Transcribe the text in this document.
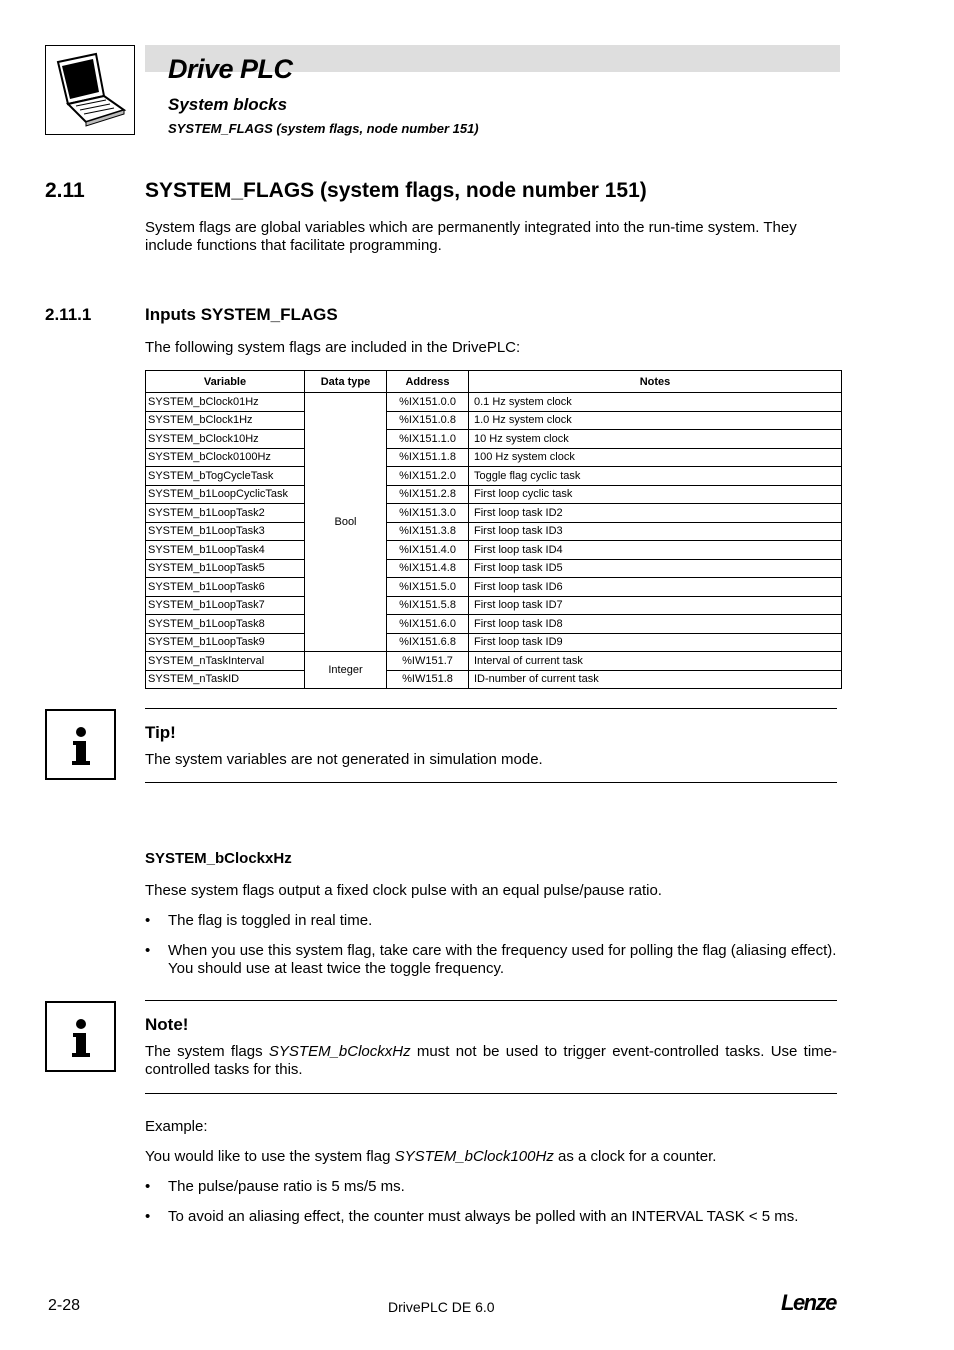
Drive PLC
System blocks
SYSTEM_FLAGS (system flags, node number 151)
2.11	SYSTEM_FLAGS (system flags, node number 151)
System flags are global variables which are permanently integrated into the run-time system. They include functions that facilitate programming.
2.11.1	Inputs SYSTEM_FLAGS
The following system flags are included in the DrivePLC:
Variable	Data type	Address	Notes
SYSTEM_bClock01Hz	Bool	%IX151.0.0	0.1 Hz system clock
SYSTEM_bClock1Hz		%IX151.0.8	1.0 Hz system clock
SYSTEM_bClock10Hz		%IX151.1.0	10 Hz system clock
SYSTEM_bClock0100Hz		%IX151.1.8	100 Hz system clock
SYSTEM_bTogCycleTask		%IX151.2.0	Toggle flag cyclic task
SYSTEM_b1LoopCyclicTask		%IX151.2.8	First loop cyclic task
SYSTEM_b1LoopTask2		%IX151.3.0	First loop task ID2
SYSTEM_b1LoopTask3		%IX151.3.8	First loop task ID3
SYSTEM_b1LoopTask4		%IX151.4.0	First loop task ID4
SYSTEM_b1LoopTask5		%IX151.4.8	First loop task ID5
SYSTEM_b1LoopTask6		%IX151.5.0	First loop task ID6
SYSTEM_b1LoopTask7		%IX151.5.8	First loop task ID7
SYSTEM_b1LoopTask8		%IX151.6.0	First loop task ID8
SYSTEM_b1LoopTask9		%IX151.6.8	First loop task ID9
SYSTEM_nTaskInterval	Integer	%IW151.7	Interval of current task
SYSTEM_nTaskID		%IW151.8	ID-number of current task
Tip!
The system variables are not generated in simulation mode.
SYSTEM_bClockxHz
These system flags output a fixed clock pulse with an equal pulse/pause ratio.
• The flag is toggled in real time.
• When you use this system flag, take care with the frequency used for polling the flag (aliasing effect). You should use at least twice the toggle frequency.
Note!
The system flags SYSTEM_bClockxHz must not be used to trigger event-controlled tasks. Use time-controlled tasks for this.
Example:
You would like to use the system flag SYSTEM_bClock100Hz as a clock for a counter.
• The pulse/pause ratio is 5 ms/5 ms.
• To avoid an aliasing effect, the counter must always be polled with an INTERVAL TASK < 5 ms.
2-28	DrivePLC DE 6.0	Lenze
